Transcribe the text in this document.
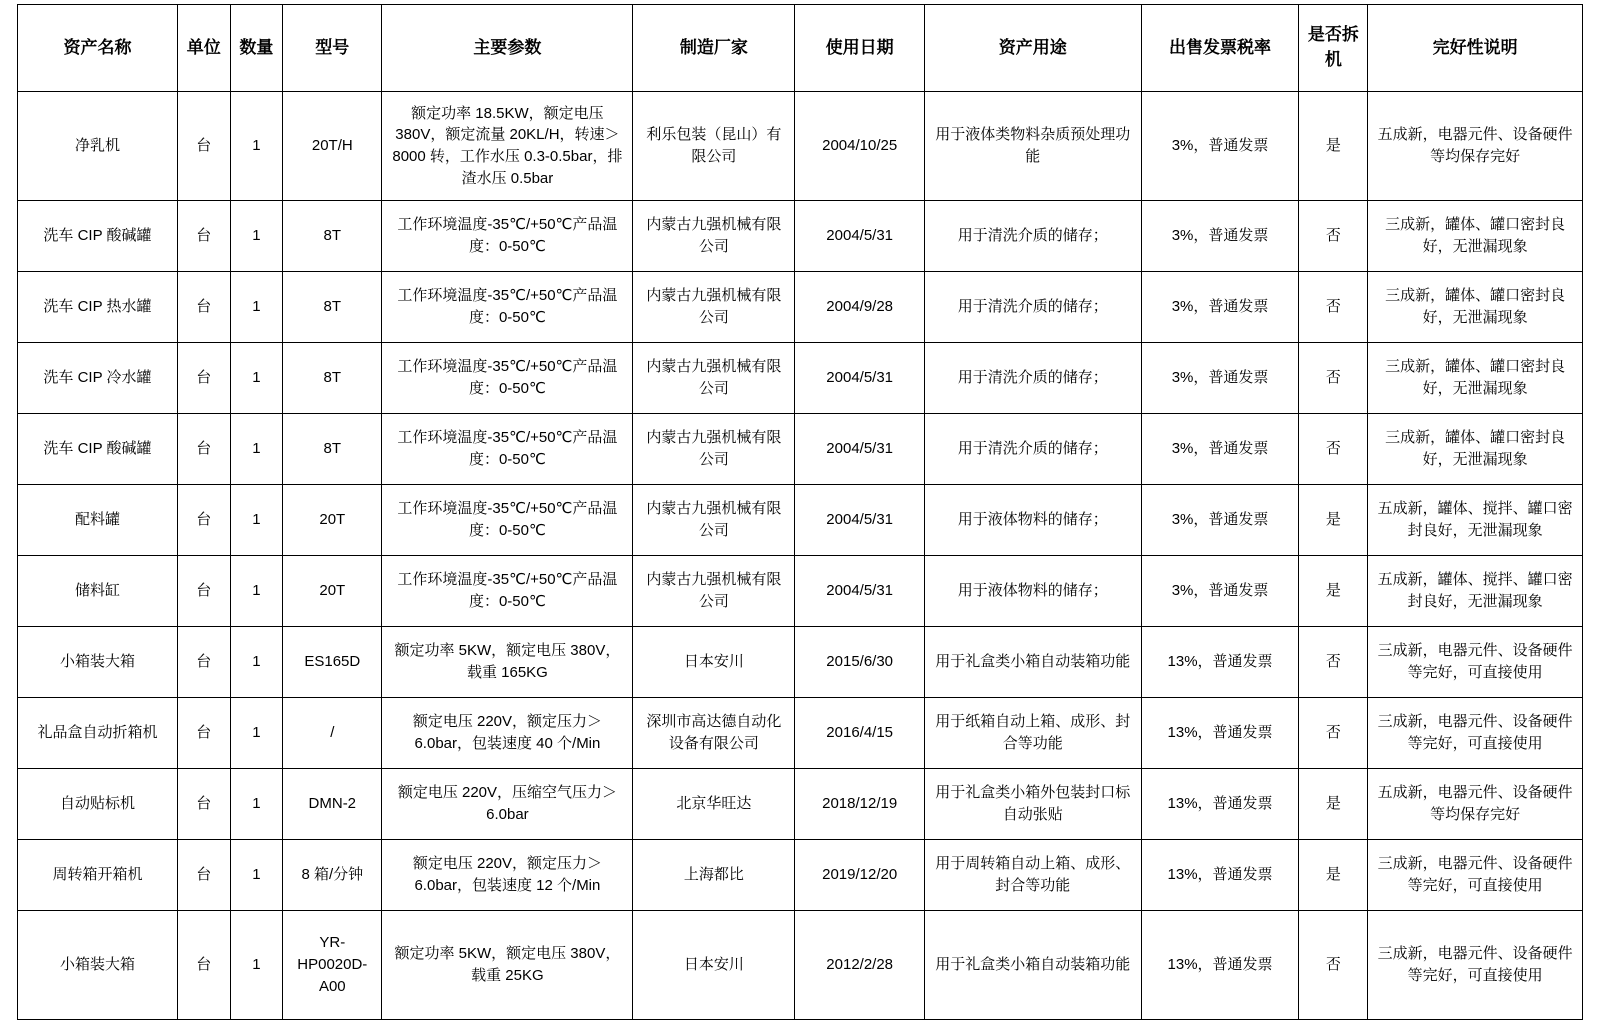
资产名称	单位	数量	型号	主要参数	制造厂家	使用日期	资产用途	出售发票税率	是否拆机	完好性说明
净乳机	台	1	20T/H	额定功率 18.5KW，额定电压 380V，额定流量 20KL/H，转速＞8000 转，工作水压 0.3-0.5bar，排渣水压 0.5bar	利乐包装（昆山）有限公司	2004/10/25	用于液体类物料杂质预处理功能	3%，普通发票	是	五成新，电器元件、设备硬件等均保存完好
洗车 CIP 酸碱罐	台	1	8T	工作环境温度-35℃/+50℃产品温度：0-50℃	内蒙古九强机械有限公司	2004/5/31	用于清洗介质的储存；	3%，普通发票	否	三成新，罐体、罐口密封良好，无泄漏现象
洗车 CIP 热水罐	台	1	8T	工作环境温度-35℃/+50℃产品温度：0-50℃	内蒙古九强机械有限公司	2004/9/28	用于清洗介质的储存；	3%，普通发票	否	三成新，罐体、罐口密封良好，无泄漏现象
洗车 CIP 冷水罐	台	1	8T	工作环境温度-35℃/+50℃产品温度：0-50℃	内蒙古九强机械有限公司	2004/5/31	用于清洗介质的储存；	3%，普通发票	否	三成新，罐体、罐口密封良好，无泄漏现象
洗车 CIP 酸碱罐	台	1	8T	工作环境温度-35℃/+50℃产品温度：0-50℃	内蒙古九强机械有限公司	2004/5/31	用于清洗介质的储存；	3%，普通发票	否	三成新，罐体、罐口密封良好，无泄漏现象
配料罐	台	1	20T	工作环境温度-35℃/+50℃产品温度：0-50℃	内蒙古九强机械有限公司	2004/5/31	用于液体物料的储存；	3%，普通发票	是	五成新，罐体、搅拌、罐口密封良好，无泄漏现象
储料缸	台	1	20T	工作环境温度-35℃/+50℃产品温度：0-50℃	内蒙古九强机械有限公司	2004/5/31	用于液体物料的储存；	3%，普通发票	是	五成新，罐体、搅拌、罐口密封良好，无泄漏现象
小箱装大箱	台	1	ES165D	额定功率 5KW，额定电压 380V，载重 165KG	日本安川	2015/6/30	用于礼盒类小箱自动装箱功能	13%，普通发票	否	三成新，电器元件、设备硬件等完好，可直接使用
礼品盒自动折箱机	台	1	/	额定电压 220V，额定压力＞6.0bar，包装速度 40 个/Min	深圳市高达德自动化设备有限公司	2016/4/15	用于纸箱自动上箱、成形、封合等功能	13%，普通发票	否	三成新，电器元件、设备硬件等完好，可直接使用
自动贴标机	台	1	DMN-2	额定电压 220V，压缩空气压力＞6.0bar	北京华旺达	2018/12/19	用于礼盒类小箱外包装封口标自动张贴	13%，普通发票	是	五成新，电器元件、设备硬件等均保存完好
周转箱开箱机	台	1	8 箱/分钟	额定电压 220V，额定压力＞6.0bar，包装速度 12 个/Min	上海都比	2019/12/20	用于周转箱自动上箱、成形、封合等功能	13%，普通发票	是	三成新，电器元件、设备硬件等完好，可直接使用
小箱装大箱	台	1	YR-HP0020D-A00	额定功率 5KW，额定电压 380V，载重 25KG	日本安川	2012/2/28	用于礼盒类小箱自动装箱功能	13%，普通发票	否	三成新，电器元件、设备硬件等完好，可直接使用
